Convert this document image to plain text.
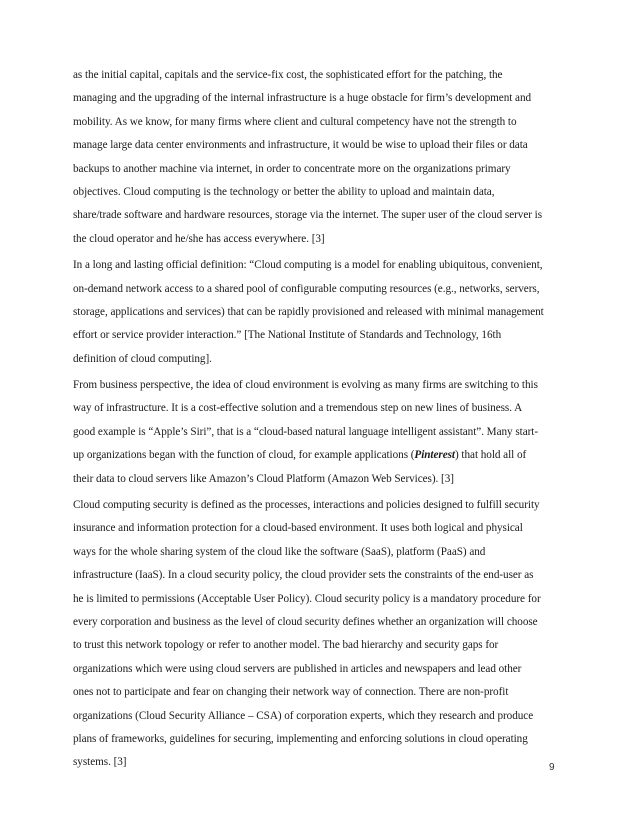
as the initial capital, capitals and the service-fix cost, the sophisticated effort for the patching, the
managing and the upgrading of the internal infrastructure is a huge obstacle for firm’s development and
mobility. As we know, for many firms where client and cultural competency have not the strength to
manage large data center environments and infrastructure, it would be wise to upload their files or data
backups to another machine via internet, in order to concentrate more on the organizations primary
objectives. Cloud computing is the technology or better the ability to upload and maintain data,
share/trade software and hardware resources, storage via the internet. The super user of the cloud server is
the cloud operator and he/she has access everywhere. [3]

In a long and lasting official definition: “Cloud computing is a model for enabling ubiquitous, convenient,
on-demand network access to a shared pool of configurable computing resources (e.g., networks, servers,
storage, applications and services) that can be rapidly provisioned and released with minimal management
effort or service provider interaction.” [The National Institute of Standards and Technology, 16th
definition of cloud computing].

From business perspective, the idea of cloud environment is evolving as many firms are switching to this
way of infrastructure. It is a cost-effective solution and a tremendous step on new lines of business. A
good example is “Apple’s Siri”, that is a “cloud-based natural language intelligent assistant”. Many start-
up organizations began with the function of cloud, for example applications (Pinterest) that hold all of
their data to cloud servers like Amazon’s Cloud Platform (Amazon Web Services). [3]

Cloud computing security is defined as the processes, interactions and policies designed to fulfill security
insurance and information protection for a cloud-based environment. It uses both logical and physical
ways for the whole sharing system of the cloud like the software (SaaS), platform (PaaS) and
infrastructure (IaaS). In a cloud security policy, the cloud provider sets the constraints of the end-user as
he is limited to permissions (Acceptable User Policy). Cloud security policy is a mandatory procedure for
every corporation and business as the level of cloud security defines whether an organization will choose
to trust this network topology or refer to another model. The bad hierarchy and security gaps for
organizations which were using cloud servers are published in articles and newspapers and lead other
ones not to participate and fear on changing their network way of connection. There are non-profit
organizations (Cloud Security Alliance – CSA) of corporation experts, which they research and produce
plans of frameworks, guidelines for securing, implementing and enforcing solutions in cloud operating
systems. [3]	9
